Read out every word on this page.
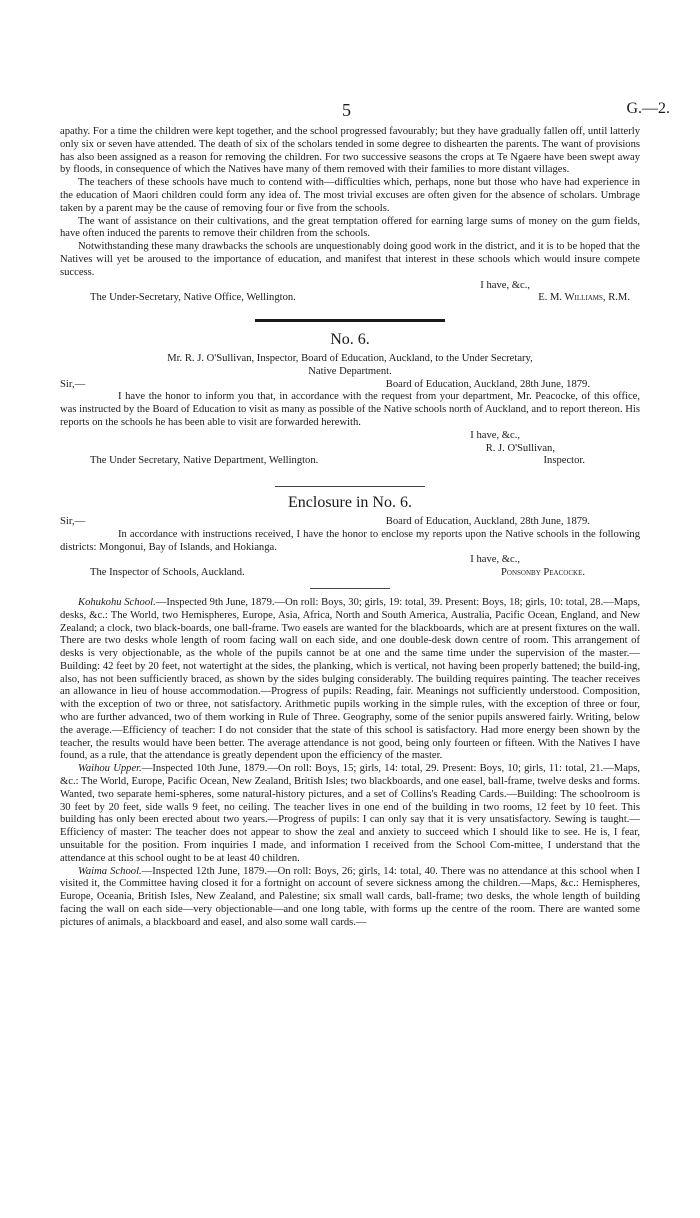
5	G.—2.

apathy. For a time the children were kept together, and the school progressed favourably; but they have gradually fallen off, until latterly only six or seven have attended. The death of six of the scholars tended in some degree to dishearten the parents. The want of provisions has also been assigned as a reason for removing the children. For two successive seasons the crops at Te Ngaere have been swept away by floods, in consequence of which the Natives have many of them removed with their families to more distant villages.

The teachers of these schools have much to contend with—difficulties which, perhaps, none but those who have had experience in the education of Maori children could form any idea of. The most trivial excuses are often given for the absence of scholars. Umbrage taken by a parent may be the cause of removing four or five from the schools.

The want of assistance on their cultivations, and the great temptation offered for earning large sums of money on the gum fields, have often induced the parents to remove their children from the schools.

Notwithstanding these many drawbacks the schools are unquestionably doing good work in the district, and it is to be hoped that the Natives will yet be aroused to the importance of education, and manifest that interest in these schools which would insure compete success.

I have, &c.,

The Under-Secretary, Native Office, Wellington.	E. M. Williams, R.M.
No. 6.

Mr. R. J. O'Sullivan, Inspector, Board of Education, Auckland, to the Under Secretary,

Native Department.

Sir,—	Board of Education, Auckland, 28th June, 1879.

I have the honor to inform you that, in accordance with the request from your department, Mr. Peacocke, of this office, was instructed by the Board of Education to visit as many as possible of the Native schools north of Auckland, and to report thereon. His reports on the schools he has been able to visit are forwarded herewith.

I have, &c.,

R. J. O'Sullivan,

The Under Secretary, Native Department, Wellington.	Inspector.
Enclosure in No. 6.
Sir,—	Board of Education, Auckland, 28th June, 1879.

In accordance with instructions received, I have the honor to enclose my reports upon the Native schools in the following districts: Mongonui, Bay of Islands, and Hokianga.

I have, &c.,

The Inspector of Schools, Auckland.	Ponsonby Peacocke.

Kohukohu School.—Inspected 9th June, 1879.—On roll: Boys, 30; girls, 19: total, 39. Present: Boys, 18; girls, 10: total, 28.—Maps, desks, &c.: The World, two Hemispheres, Europe, Asia, Africa, North and South America, Australia, Pacific Ocean, England, and New Zealand; a clock, two black-boards, one ball-frame. Two easels are wanted for the blackboards, which are at present fixtures on the wall. There are two desks whole length of room facing wall on each side, and one double-desk down centre of room. This arrangement of desks is very objectionable, as the whole of the pupils cannot be at one and the same time under the supervision of the master.—Building: 42 feet by 20 feet, not watertight at the sides, the planking, which is vertical, not having been properly battened; the build-ing, also, has not been sufficiently braced, as shown by the sides bulging considerably. The building requires painting. The teacher receives an allowance in lieu of house accommodation.—Progress of pupils: Reading, fair. Meanings not sufficiently understood. Composition, with the exception of two or three, not satisfactory. Arithmetic pupils working in the simple rules, with the exception of three or four, who are further advanced, two of them working in Rule of Three. Geography, some of the senior pupils answered fairly. Writing, below the average.—Efficiency of teacher: I do not consider that the state of this school is satisfactory. Had more energy been shown by the teacher, the results would have been better. The average attendance is not good, being only fourteen or fifteen. With the Natives I have found, as a rule, that the attendance is greatly dependent upon the efficiency of the master.

Waihou Upper.—Inspected 10th June, 1879.—On roll: Boys, 15; girls, 14: total, 29. Present: Boys, 10; girls, 11: total, 21.—Maps, &c.: The World, Europe, Pacific Ocean, New Zealand, British Isles; two blackboards, and one easel, ball-frame, twelve desks and forms. Wanted, two separate hemi-spheres, some natural-history pictures, and a set of Collins's Reading Cards.—Building: The schoolroom is 30 feet by 20 feet, side walls 9 feet, no ceiling. The teacher lives in one end of the building in two rooms, 12 feet by 10 feet. This building has only been erected about two years.—Progress of pupils: I can only say that it is very unsatisfactory. Sewing is taught.—Efficiency of master: The teacher does not appear to show the zeal and anxiety to succeed which I should like to see. He is, I fear, unsuitable for the position. From inquiries I made, and information I received from the School Com-mittee, I understand that the attendance at this school ought to be at least 40 children.

Waima School.—Inspected 12th June, 1879.—On roll: Boys, 26; girls, 14: total, 40. There was no attendance at this school when I visited it, the Committee having closed it for a fortnight on account of severe sickness among the children.—Maps, &c.: Hemispheres, Europe, Oceania, British Isles, New Zealand, and Palestine; six small wall cards, ball-frame; two desks, the whole length of building facing the wall on each side—very objectionable—and one long table, with forms up the centre of the room. There are wanted some pictures of animals, a blackboard and easel, and also some wall cards.—
